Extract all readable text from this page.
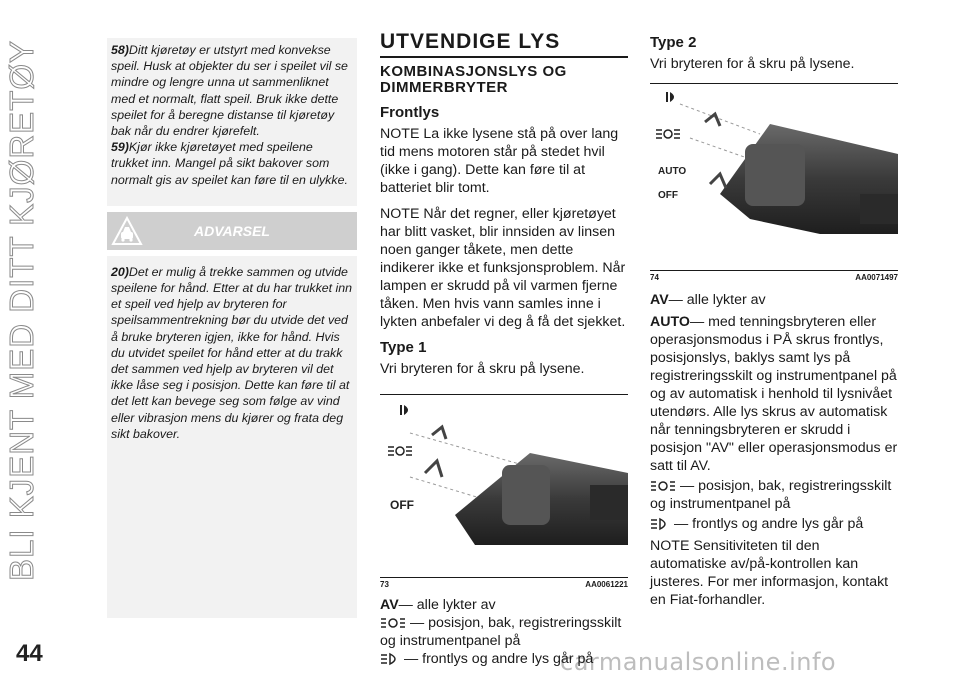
BLI KJENT MED DITT KJØRETØY
44	carmanualsonline.info

58)Ditt kjøretøy er utstyrt med konvekse speil. Husk at objekter du ser i speilet vil se mindre og lengre unna ut sammenliknet med et normalt, flatt speil. Bruk ikke dette speilet for å beregne distanse til kjøretøy bak når du endrer kjørefelt.

59)Kjør ikke kjøretøyet med speilene trukket inn. Mangel på sikt bakover som normalt gis av speilet kan føre til en ulykke.

ADVARSEL

20)Det er mulig å trekke sammen og utvide speilene for hånd. Etter at du har trukket inn et speil ved hjelp av bryteren for speilsammentrekning bør du utvide det ved å bruke bryteren igjen, ikke for hånd. Hvis du utvidet speilet for hånd etter at du trakk det sammen ved hjelp av bryteren vil det ikke låse seg i posisjon. Dette kan føre til at det lett kan bevege seg som følge av vind eller vibrasjon mens du kjører og frata deg sikt bakover.

UTVENDIGE LYS
KOMBINASJONSLYS OG DIMMERBRYTER
Frontlys

NOTE La ikke lysene stå på over lang tid mens motoren står på stedet hvil (ikke i gang). Dette kan føre til at batteriet blir tomt.

NOTE Når det regner, eller kjøretøyet har blitt vasket, blir innsiden av linsen noen ganger tåkete, men dette indikerer ikke et funksjonsproblem. Når lampen er skrudd på vil varmen fjerne tåken. Men hvis vann samles inne i lykten anbefaler vi deg å få det sjekket.

Type 1

Vri bryteren for å skru på lysene.

OFF
73	AA0061221

AV— alle lykter av

— posisjon, bak, registreringsskilt og instrumentpanel på

— frontlys og andre lys går på

Type 2

Vri bryteren for å skru på lysene.

AUTO
OFF
74	AA0071497

AV— alle lykter av

AUTO— med tenningsbryteren eller operasjonsmodus i PÅ skrus frontlys, posisjonslys, baklys samt lys på registreringsskilt og instrumentpanel på og av automatisk i henhold til lysnivået utendørs. Alle lys skrus av automatisk når tenningsbryteren er skrudd i posisjon "AV" eller operasjonsmodus er satt til AV.

— posisjon, bak, registreringsskilt og instrumentpanel på

— frontlys og andre lys går på

NOTE Sensitiviteten til den automatiske av/på-kontrollen kan justeres. For mer informasjon, kontakt en Fiat-forhandler.
